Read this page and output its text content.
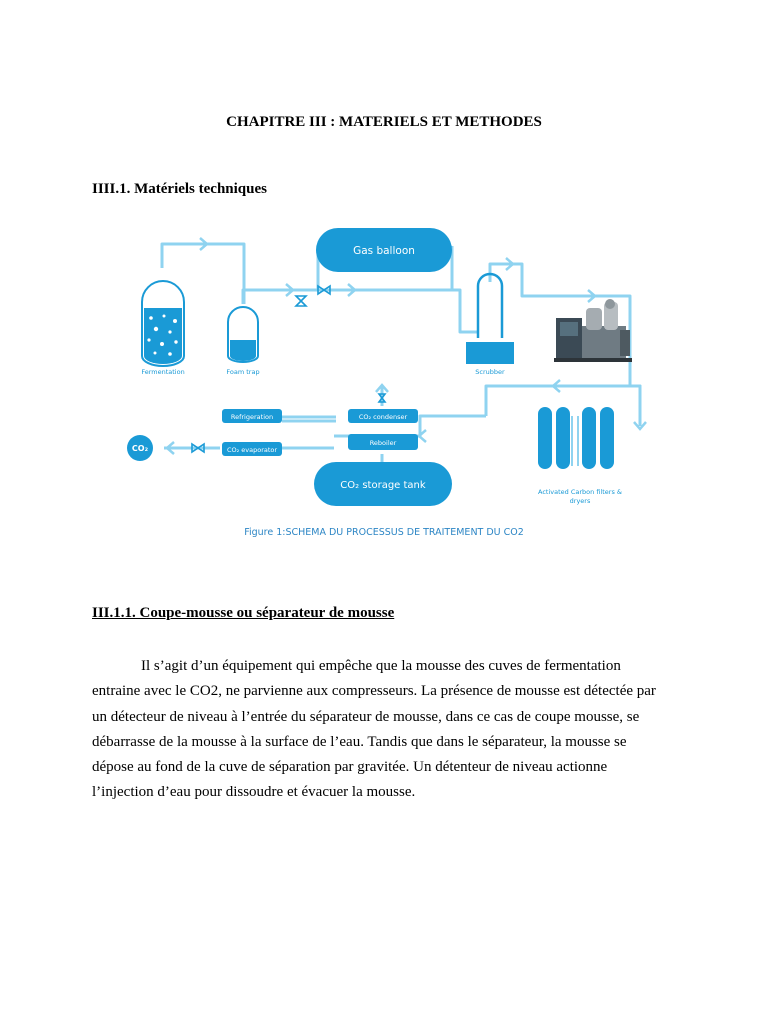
CHAPITRE III : MATERIELS ET METHODES
IIII.1. Matériels techniques
Gas balloon
Fermentation	Foam trap	Scrubber
Activated Carbon filters &
dryers
Refrigeration	CO₂ condenser
Reboiler
CO₂ evaporator
CO₂
CO₂ storage tank
Figure 1:SCHEMA DU PROCESSUS DE TRAITEMENT DU CO2
III.1.1. Coupe-mousse ou séparateur de mousse
Il s’agit d’un équipement qui empêche que la mousse des cuves de fermentation
entraine avec le CO2, ne parvienne aux compresseurs. La présence de mousse est détectée par
un détecteur de niveau à l’entrée du séparateur de mousse, dans ce cas de coupe mousse, se
débarrasse de la mousse à la surface de l’eau. Tandis que dans le séparateur, la mousse se
dépose au fond de la cuve de séparation par gravitée. Un détenteur de niveau actionne
l’injection d’eau pour dissoudre et évacuer la mousse.
